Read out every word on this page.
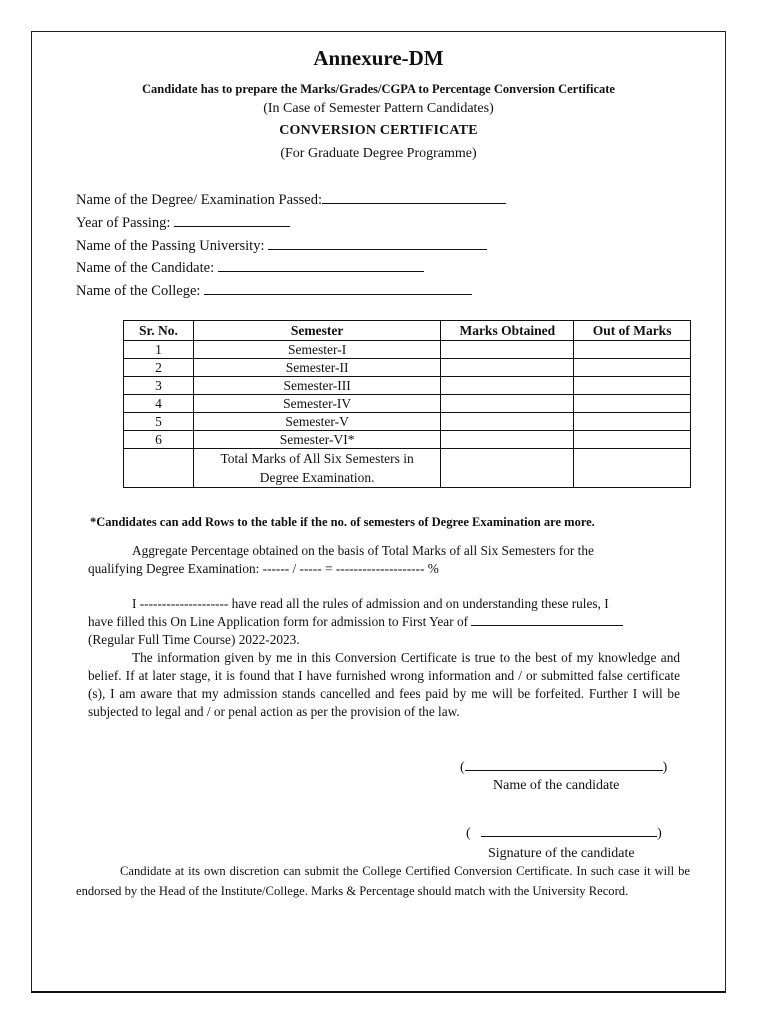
Annexure-DM
Candidate has to prepare the Marks/Grades/CGPA to Percentage Conversion Certificate
(In Case of Semester Pattern Candidates)
CONVERSION CERTIFICATE
(For Graduate Degree Programme)
Name of the Degree/ Examination Passed:
Year of Passing:
Name of the Passing University:
Name of the Candidate:
Name of the College:
Sr. No.	Semester	Marks Obtained	Out of Marks
1	Semester-I		
2	Semester-II		
3	Semester-III		
4	Semester-IV		
5	Semester-V		
6	Semester-VI*		

	Total Marks of All Six Semesters in
Degree Examination.		

*Candidates can add Rows to the table if the no. of semesters of Degree Examination are more.
Aggregate Percentage obtained on the basis of Total Marks of all Six Semesters for the
qualifying Degree Examination: ------ / ----- = -------------------- %
I -------------------- have read all the rules of admission and on understanding these rules, I
have filled this On Line Application form for admission to First Year of
(Regular Full Time Course) 2022-2023.
The information given by me in this Conversion Certificate is true to the best of my knowledge and belief. If at later stage, it is found that I have furnished wrong information and / or submitted false certificate (s), I am aware that my admission stands cancelled and fees paid by me will be forfeited. Further I will be subjected to legal and / or penal action as per the provision of the law.
(	)
Name of the candidate
(	)
Signature of the candidate
Candidate at its own discretion can submit the College Certified Conversion Certificate. In such case it will be endorsed by the Head of the Institute/College. Marks & Percentage should match with the University Record.
